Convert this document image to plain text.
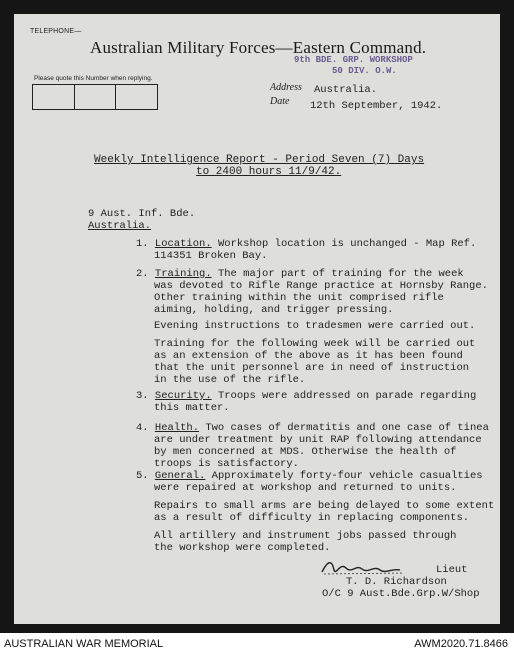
TELEPHONE—
Australian Military Forces—Eastern Command.
9th BDE. GRP. WORKSHOP
50 DIV. O.W.
Please quote this Number when replying.
Address
Date
Australia.
12th September, 1942.
Weekly Intelligence Report - Period Seven (7) Days
to 2400 hours 11/9/42.
9 Aust. Inf. Bde.
Australia.
1. Location. Workshop location is unchanged - Map Ref.
114351 Broken Bay.
2. Training. The major part of training for the week
was devoted to Rifle Range practice at Hornsby Range.
Other training within the unit comprised rifle
aiming, holding, and trigger pressing.
Evening instructions to tradesmen were carried out.
Training for the following week will be carried out
as an extension of the above as it has been found
that the unit personnel are in need of instruction
in the use of the rifle.
3. Security. Troops were addressed on parade regarding
this matter.
4. Health. Two cases of dermatitis and one case of tinea
are under treatment by unit RAP following attendance
by men concerned at MDS. Otherwise the health of
troops is satisfactory.
5. General. Approximately forty-four vehicle casualties
were repaired at workshop and returned to units.
Repairs to small arms are being delayed to some extent
as a result of difficulty in replacing components.
All artillery and instrument jobs passed through
the workshop were completed.
Lieut
T. D. Richardson
O/C 9 Aust.Bde.Grp.W/Shop
AUSTRALIAN WAR MEMORIAL	AWM2020.71.8466
